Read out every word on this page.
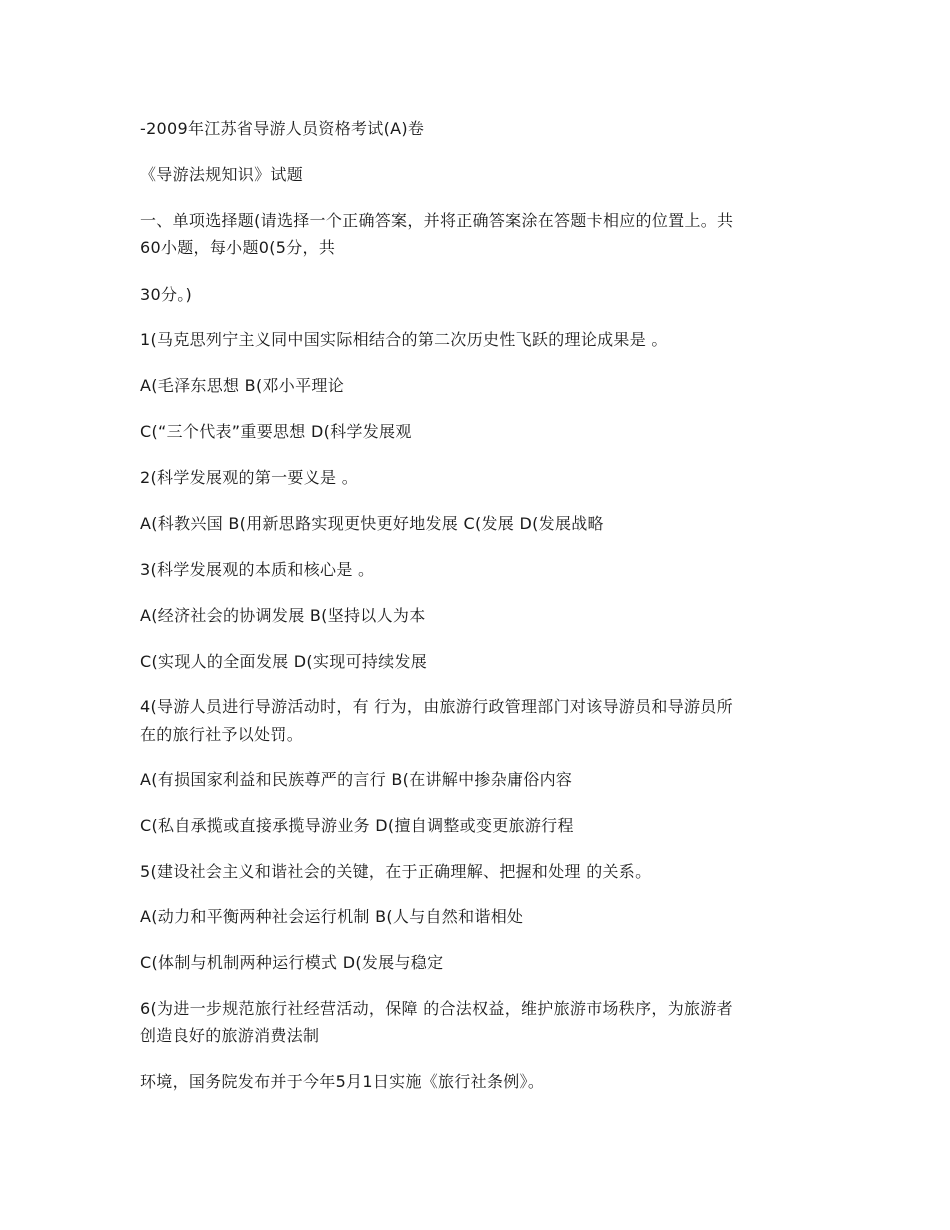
-2009年江苏省导游人员资格考试(A)卷
《导游法规知识》试题
一、单项选择题(请选择一个正确答案，并将正确答案涂在答题卡相应的位置上。共
60小题，每小题0(5分，共
30分。)
1(马克思列宁主义同中国实际相结合的第二次历史性飞跃的理论成果是 。
A(毛泽东思想 B(邓小平理论
C(“三个代表”重要思想 D(科学发展观
2(科学发展观的第一要义是 。
A(科教兴国 B(用新思路实现更快更好地发展 C(发展 D(发展战略
3(科学发展观的本质和核心是 。
A(经济社会的协调发展 B(坚持以人为本
C(实现人的全面发展 D(实现可持续发展
4(导游人员进行导游活动时，有 行为，由旅游行政管理部门对该导游员和导游员所
在的旅行社予以处罚。
A(有损国家利益和民族尊严的言行 B(在讲解中掺杂庸俗内容
C(私自承揽或直接承揽导游业务 D(擅自调整或变更旅游行程
5(建设社会主义和谐社会的关键，在于正确理解、把握和处理 的关系。
A(动力和平衡两种社会运行机制 B(人与自然和谐相处
C(体制与机制两种运行模式 D(发展与稳定
6(为进一步规范旅行社经营活动，保障 的合法权益，维护旅游市场秩序，为旅游者
创造良好的旅游消费法制
环境，国务院发布并于今年5月1日实施《旅行社条例》。
